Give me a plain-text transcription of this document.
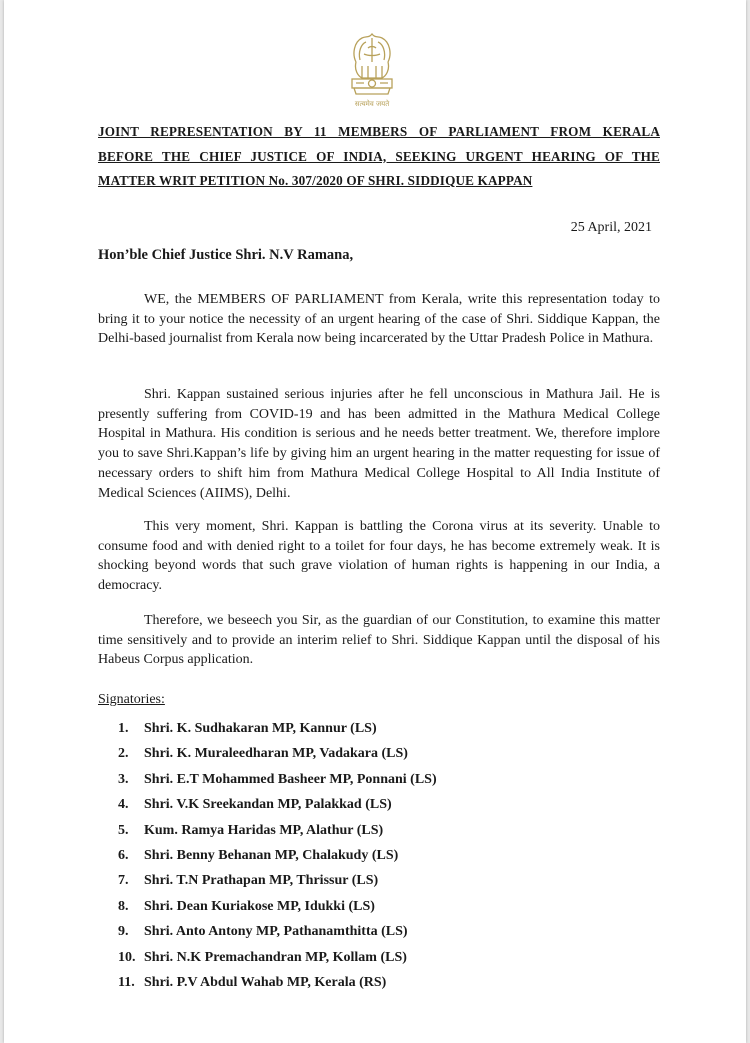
सत्यमेव जयते
JOINT REPRESENTATION BY 11 MEMBERS OF PARLIAMENT FROM KERALA
BEFORE THE CHIEF JUSTICE OF INDIA, SEEKING URGENT HEARING OF THE
MATTER WRIT PETITION No. 307/2020 OF SHRI. SIDDIQUE KAPPAN
25 April, 2021
Hon’ble Chief Justice Shri. N.V Ramana,

WE, the MEMBERS OF PARLIAMENT from Kerala, write this representation today to bring it to your notice the necessity of an urgent hearing of the case of Shri. Siddique Kappan, the Delhi-based journalist from Kerala now being incarcerated by the Uttar Pradesh Police in Mathura.

Shri. Kappan sustained serious injuries after he fell unconscious in Mathura Jail. He is presently suffering from COVID-19 and has been admitted in the Mathura Medical College Hospital in Mathura. His condition is serious and he needs better treatment. We, therefore implore you to save Shri.Kappan’s life by giving him an urgent hearing in the matter requesting for issue of necessary orders to shift him from Mathura Medical College Hospital to All India Institute of Medical Sciences (AIIMS), Delhi.

This very moment, Shri. Kappan is battling the Corona virus at its severity. Unable to consume food and with denied right to a toilet for four days, he has become extremely weak. It is shocking beyond words that such grave violation of human rights is happening in our India, a democracy.

Therefore, we beseech you Sir, as the guardian of our Constitution, to examine this matter time sensitively and to provide an interim relief to Shri. Siddique Kappan until the disposal of his Habeus Corpus application.

Signatories:
1. Shri. K. Sudhakaran MP, Kannur (LS)
2. Shri. K. Muraleedharan MP, Vadakara (LS)
3. Shri. E.T Mohammed Basheer MP, Ponnani (LS)
4. Shri. V.K Sreekandan MP, Palakkad (LS)
5. Kum. Ramya Haridas MP, Alathur (LS)
6. Shri. Benny Behanan MP, Chalakudy (LS)
7. Shri. T.N Prathapan MP, Thrissur (LS)
8. Shri. Dean Kuriakose MP, Idukki (LS)
9. Shri. Anto Antony MP, Pathanamthitta (LS)
10. Shri. N.K Premachandran MP, Kollam (LS)
11. Shri. P.V Abdul Wahab MP, Kerala (RS)
